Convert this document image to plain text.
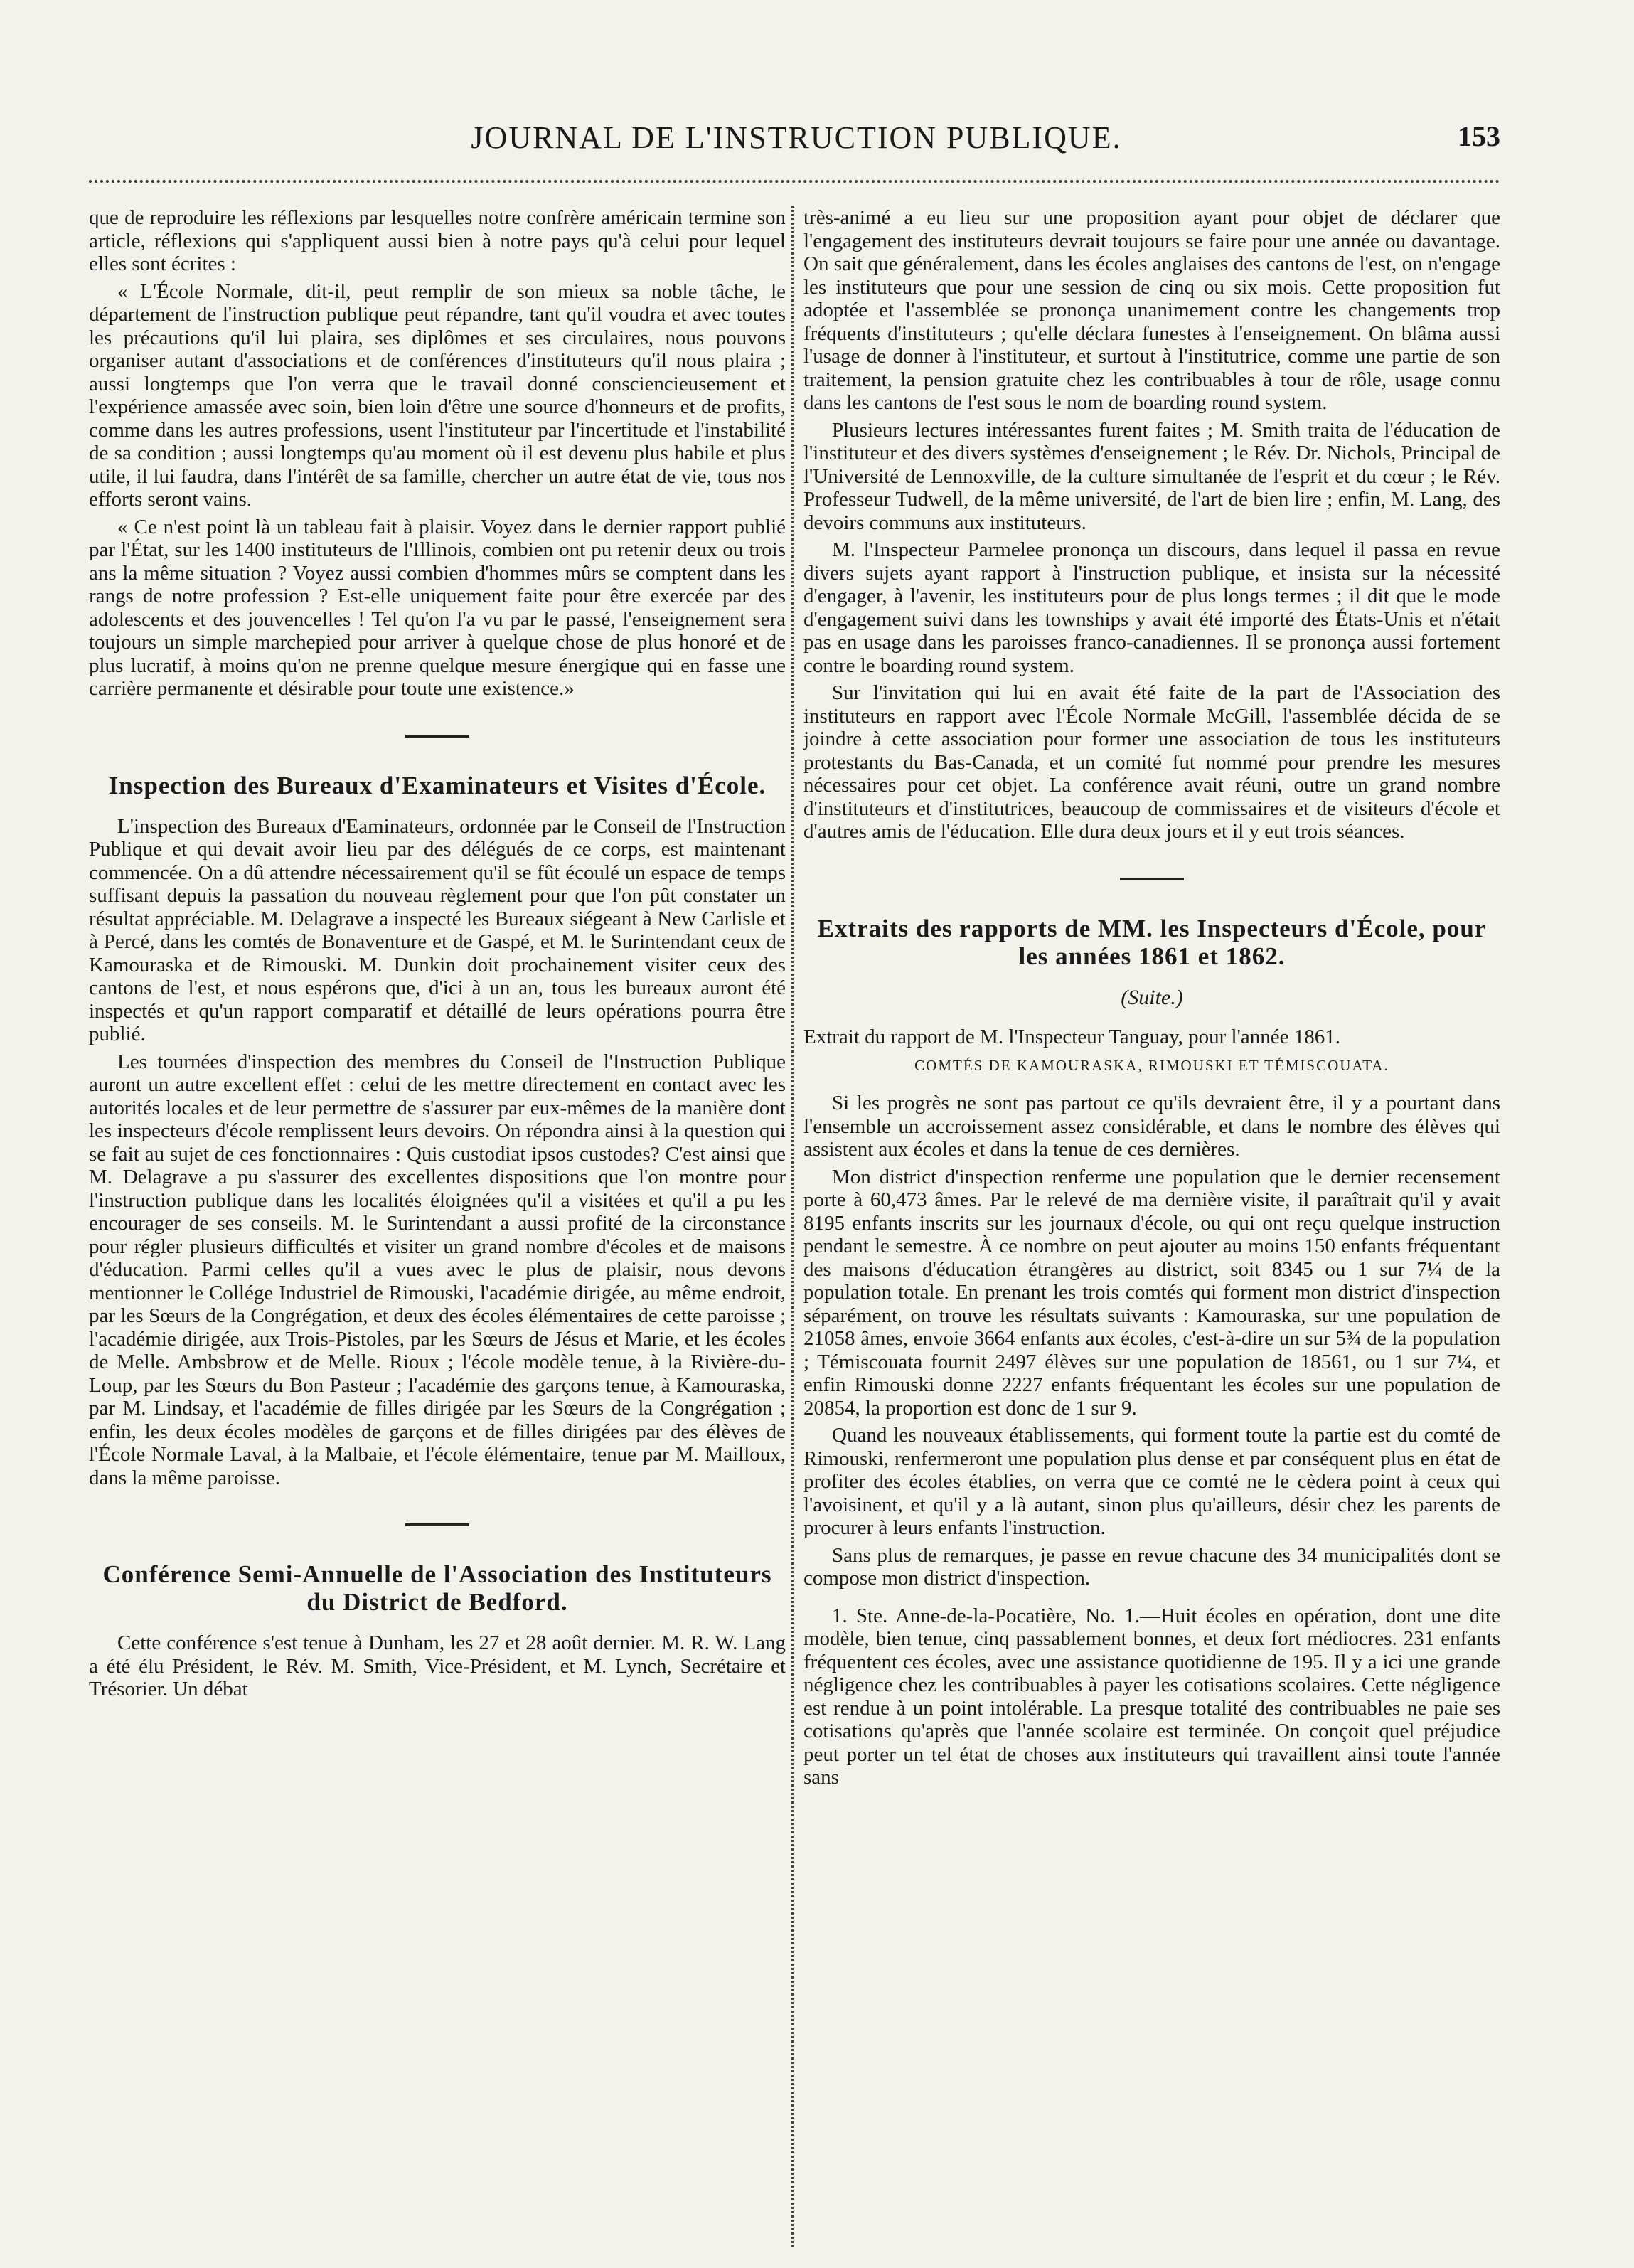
JOURNAL DE L'INSTRUCTION PUBLIQUE.	153

que de reproduire les réflexions par lesquelles notre confrère américain termine son article, réflexions qui s'appliquent aussi bien à notre pays qu'à celui pour lequel elles sont écrites :

« L'École Normale, dit-il, peut remplir de son mieux sa noble tâche, le département de l'instruction publique peut répandre, tant qu'il voudra et avec toutes les précautions qu'il lui plaira, ses diplômes et ses circulaires, nous pouvons organiser autant d'associations et de conférences d'instituteurs qu'il nous plaira ; aussi longtemps que l'on verra que le travail donné consciencieusement et l'expérience amassée avec soin, bien loin d'être une source d'honneurs et de profits, comme dans les autres professions, usent l'instituteur par l'incertitude et l'instabilité de sa condition ; aussi longtemps qu'au moment où il est devenu plus habile et plus utile, il lui faudra, dans l'intérêt de sa famille, chercher un autre état de vie, tous nos efforts seront vains.

« Ce n'est point là un tableau fait à plaisir. Voyez dans le dernier rapport publié par l'État, sur les 1400 instituteurs de l'Illinois, combien ont pu retenir deux ou trois ans la même situation ? Voyez aussi combien d'hommes mûrs se comptent dans les rangs de notre profession ? Est-elle uniquement faite pour être exercée par des adolescents et des jouvencelles ! Tel qu'on l'a vu par le passé, l'enseignement sera toujours un simple marchepied pour arriver à quelque chose de plus honoré et de plus lucratif, à moins qu'on ne prenne quelque mesure énergique qui en fasse une carrière permanente et désirable pour toute une existence.»

Inspection des Bureaux d'Examinateurs et Visites d'École.

L'inspection des Bureaux d'Eaminateurs, ordonnée par le Conseil de l'Instruction Publique et qui devait avoir lieu par des délégués de ce corps, est maintenant commencée. On a dû attendre nécessairement qu'il se fût écoulé un espace de temps suffisant depuis la passation du nouveau règlement pour que l'on pût constater un résultat appréciable. M. Delagrave a inspecté les Bureaux siégeant à New Carlisle et à Percé, dans les comtés de Bonaventure et de Gaspé, et M. le Surintendant ceux de Kamouraska et de Rimouski. M. Dunkin doit prochainement visiter ceux des cantons de l'est, et nous espérons que, d'ici à un an, tous les bureaux auront été inspectés et qu'un rapport comparatif et détaillé de leurs opérations pourra être publié.

Les tournées d'inspection des membres du Conseil de l'Instruction Publique auront un autre excellent effet : celui de les mettre directement en contact avec les autorités locales et de leur permettre de s'assurer par eux-mêmes de la manière dont les inspecteurs d'école remplissent leurs devoirs. On répondra ainsi à la question qui se fait au sujet de ces fonctionnaires : Quis custodiat ipsos custodes? C'est ainsi que M. Delagrave a pu s'assurer des excellentes dispositions que l'on montre pour l'instruction publique dans les localités éloignées qu'il a visitées et qu'il a pu les encourager de ses conseils. M. le Surintendant a aussi profité de la circonstance pour régler plusieurs difficultés et visiter un grand nombre d'écoles et de maisons d'éducation. Parmi celles qu'il a vues avec le plus de plaisir, nous devons mentionner le Collége Industriel de Rimouski, l'académie dirigée, au même endroit, par les Sœurs de la Congrégation, et deux des écoles élémentaires de cette paroisse ; l'académie dirigée, aux Trois-Pistoles, par les Sœurs de Jésus et Marie, et les écoles de Melle. Ambsbrow et de Melle. Rioux ; l'école modèle tenue, à la Rivière-du-Loup, par les Sœurs du Bon Pasteur ; l'académie des garçons tenue, à Kamouraska, par M. Lindsay, et l'académie de filles dirigée par les Sœurs de la Congrégation ; enfin, les deux écoles modèles de garçons et de filles dirigées par des élèves de l'École Normale Laval, à la Malbaie, et l'école élémentaire, tenue par M. Mailloux, dans la même paroisse.

Conférence Semi-Annuelle de l'Association des Instituteurs du District de Bedford.

Cette conférence s'est tenue à Dunham, les 27 et 28 août dernier. M. R. W. Lang a été élu Président, le Rév. M. Smith, Vice-Président, et M. Lynch, Secrétaire et Trésorier. Un débat

très-animé a eu lieu sur une proposition ayant pour objet de déclarer que l'engagement des instituteurs devrait toujours se faire pour une année ou davantage. On sait que généralement, dans les écoles anglaises des cantons de l'est, on n'engage les instituteurs que pour une session de cinq ou six mois. Cette proposition fut adoptée et l'assemblée se prononça unanimement contre les changements trop fréquents d'instituteurs ; qu'elle déclara funestes à l'enseignement. On blâma aussi l'usage de donner à l'instituteur, et surtout à l'institutrice, comme une partie de son traitement, la pension gratuite chez les contribuables à tour de rôle, usage connu dans les cantons de l'est sous le nom de boarding round system.

Plusieurs lectures intéressantes furent faites ; M. Smith traita de l'éducation de l'instituteur et des divers systèmes d'enseignement ; le Rév. Dr. Nichols, Principal de l'Université de Lennoxville, de la culture simultanée de l'esprit et du cœur ; le Rév. Professeur Tudwell, de la même université, de l'art de bien lire ; enfin, M. Lang, des devoirs communs aux instituteurs.

M. l'Inspecteur Parmelee prononça un discours, dans lequel il passa en revue divers sujets ayant rapport à l'instruction publique, et insista sur la nécessité d'engager, à l'avenir, les instituteurs pour de plus longs termes ; il dit que le mode d'engagement suivi dans les townships y avait été importé des États-Unis et n'était pas en usage dans les paroisses franco-canadiennes. Il se prononça aussi fortement contre le boarding round system.

Sur l'invitation qui lui en avait été faite de la part de l'Association des instituteurs en rapport avec l'École Normale McGill, l'assemblée décida de se joindre à cette association pour former une association de tous les instituteurs protestants du Bas-Canada, et un comité fut nommé pour prendre les mesures nécessaires pour cet objet. La conférence avait réuni, outre un grand nombre d'instituteurs et d'institutrices, beaucoup de commissaires et de visiteurs d'école et d'autres amis de l'éducation. Elle dura deux jours et il y eut trois séances.

Extraits des rapports de MM. les Inspecteurs d'École, pour les années 1861 et 1862.
(Suite.)

Extrait du rapport de M. l'Inspecteur Tanguay, pour l'année 1861.

COMTÉS DE KAMOURASKA, RIMOUSKI ET TÉMISCOUATA.

Si les progrès ne sont pas partout ce qu'ils devraient être, il y a pourtant dans l'ensemble un accroissement assez considérable, et dans le nombre des élèves qui assistent aux écoles et dans la tenue de ces dernières.

Mon district d'inspection renferme une population que le dernier recensement porte à 60,473 âmes. Par le relevé de ma dernière visite, il paraîtrait qu'il y avait 8195 enfants inscrits sur les journaux d'école, ou qui ont reçu quelque instruction pendant le semestre. À ce nombre on peut ajouter au moins 150 enfants fréquentant des maisons d'éducation étrangères au district, soit 8345 ou 1 sur 7¼ de la population totale. En prenant les trois comtés qui forment mon district d'inspection séparément, on trouve les résultats suivants : Kamouraska, sur une population de 21058 âmes, envoie 3664 enfants aux écoles, c'est-à-dire un sur 5¾ de la population ; Témiscouata fournit 2497 élèves sur une population de 18561, ou 1 sur 7¼, et enfin Rimouski donne 2227 enfants fréquentant les écoles sur une population de 20854, la proportion est donc de 1 sur 9.

Quand les nouveaux établissements, qui forment toute la partie est du comté de Rimouski, renfermeront une population plus dense et par conséquent plus en état de profiter des écoles établies, on verra que ce comté ne le cèdera point à ceux qui l'avoisinent, et qu'il y a là autant, sinon plus qu'ailleurs, désir chez les parents de procurer à leurs enfants l'instruction.

Sans plus de remarques, je passe en revue chacune des 34 municipalités dont se compose mon district d'inspection.

1. Ste. Anne-de-la-Pocatière, No. 1.—Huit écoles en opération, dont une dite modèle, bien tenue, cinq passablement bonnes, et deux fort médiocres. 231 enfants fréquentent ces écoles, avec une assistance quotidienne de 195. Il y a ici une grande négligence chez les contribuables à payer les cotisations scolaires. Cette négligence est rendue à un point intolérable. La presque totalité des contribuables ne paie ses cotisations qu'après que l'année scolaire est terminée. On conçoit quel préjudice peut porter un tel état de choses aux instituteurs qui travaillent ainsi toute l'année sans
